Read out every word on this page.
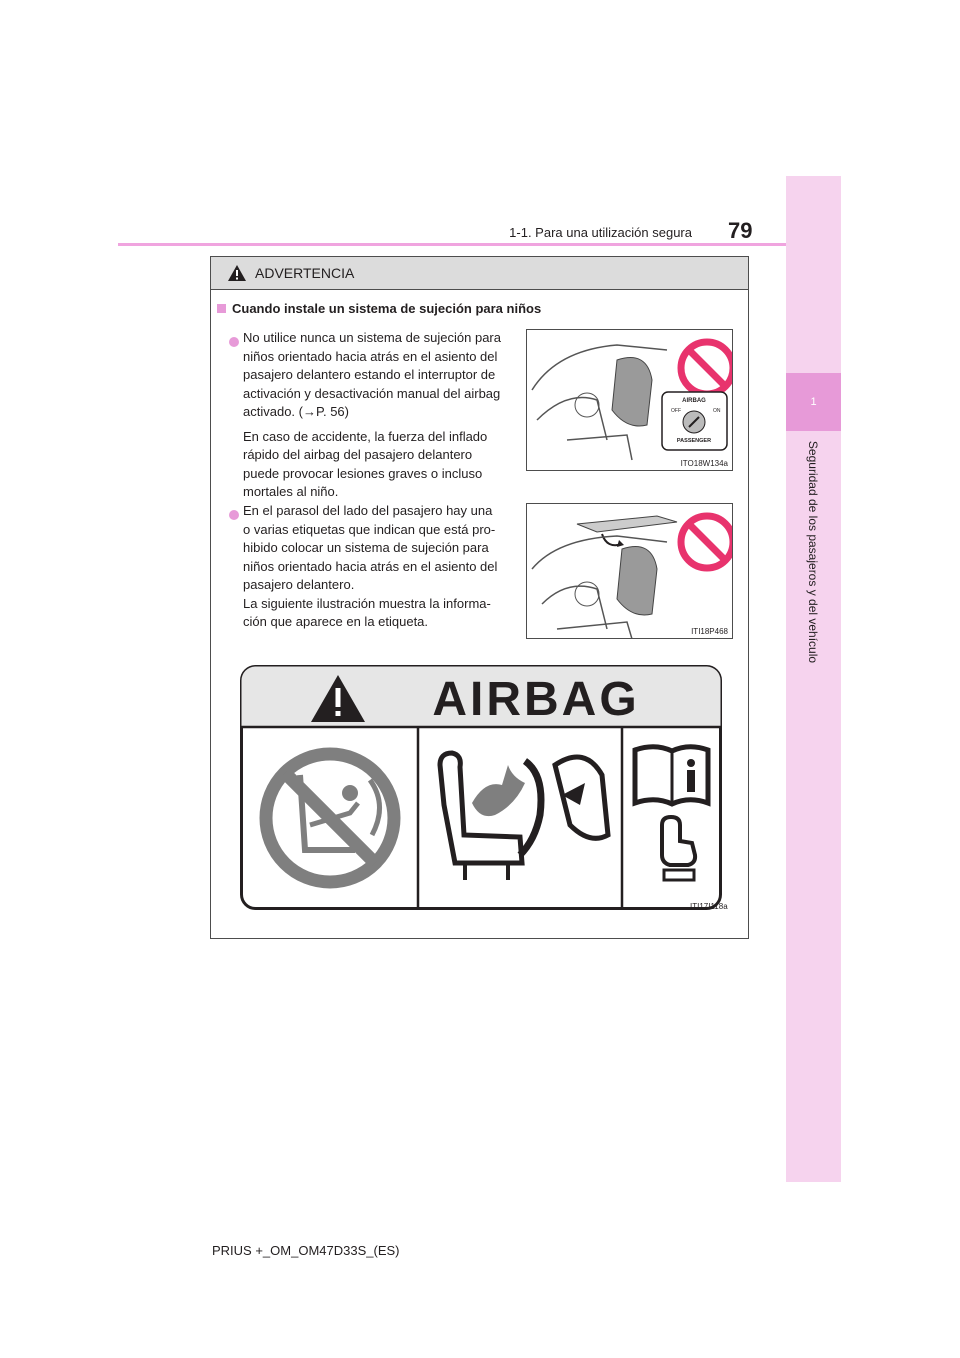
1
Seguridad de los pasajeros y del vehículo
1-1. Para una utilización segura 79
ADVERTENCIA
Cuando instale un sistema de sujeción para niños
No utilice nunca un sistema de sujeción para
niños orientado hacia atrás en el asiento del
pasajero delantero estando el interruptor de
activación y desactivación manual del airbag
activado. (→P. 56)
En caso de accidente, la fuerza del inflado
rápido del airbag del pasajero delantero
puede provocar lesiones graves o incluso
mortales al niño.
AIRBAG
OFF	ON
PASSENGER
ITO18W134a
En el parasol del lado del pasajero hay una
o varias etiquetas que indican que está pro-
hibido colocar un sistema de sujeción para
niños orientado hacia atrás en el asiento del
pasajero delantero.
La siguiente ilustración muestra la informa-
ción que aparece en la etiqueta.
ITI18P468
AIRBAG
ITI17I118a
PRIUS +_OM_OM47D33S_(ES)
